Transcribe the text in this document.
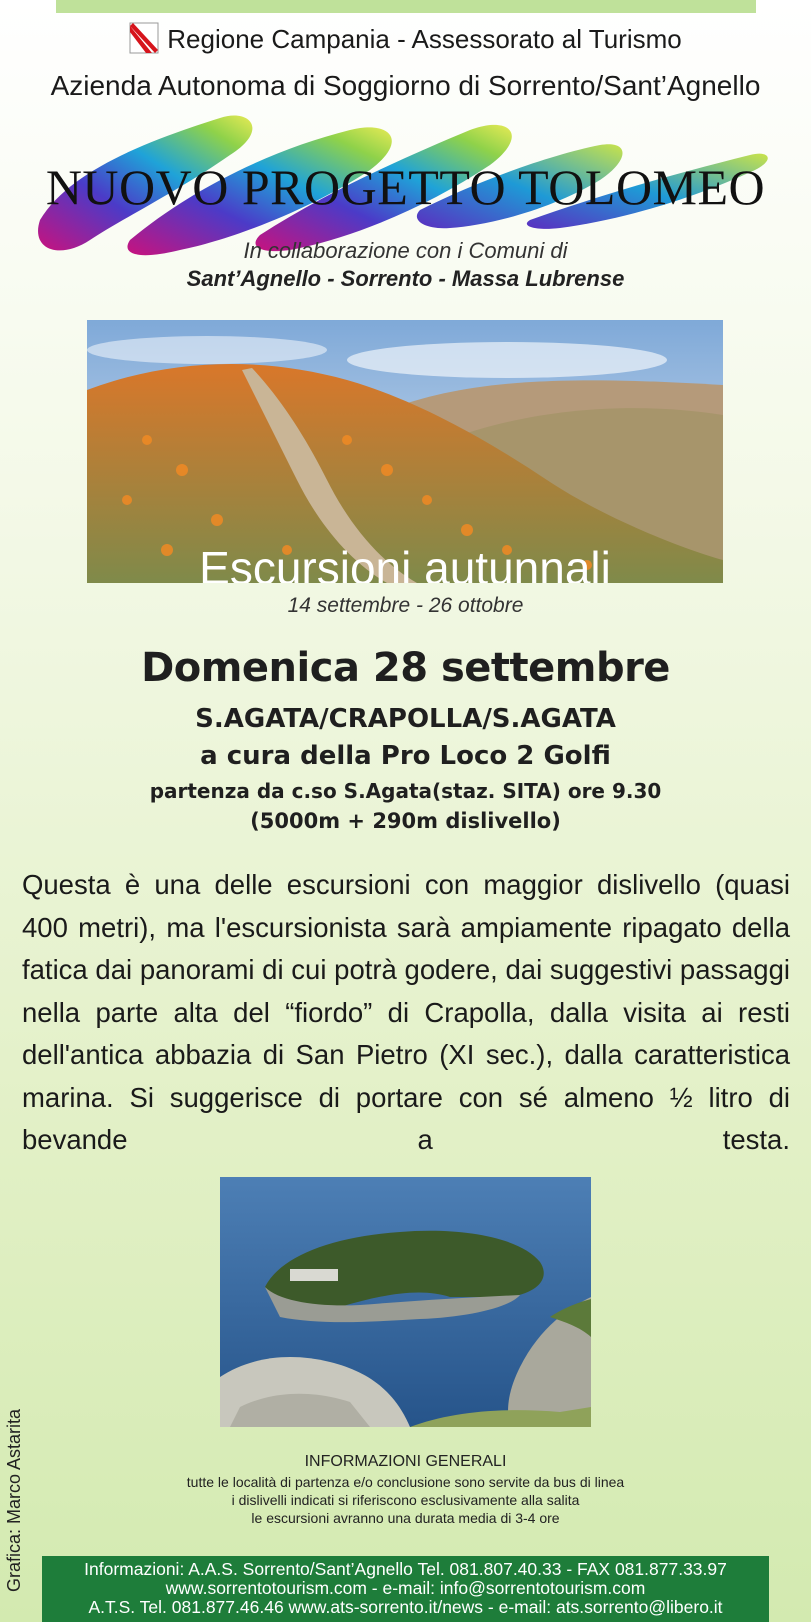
Regione Campania - Assessorato al Turismo
Azienda Autonoma di Soggiorno di Sorrento/Sant’Agnello
NUOVO PROGETTO TOLOMEO
In collaborazione con i Comuni di
Sant’Agnello - Sorrento - Massa Lubrense
Escursioni autunnali
14 settembre - 26 ottobre
Domenica 28 settembre
S.AGATA/CRAPOLLA/S.AGATA
a cura della Pro Loco 2 Golfi
partenza da c.so S.Agata(staz. SITA) ore 9.30
(5000m + 290m dislivello)
Questa è una delle escursioni con maggior dislivello (quasi 400 metri), ma l'escursionista sarà ampiamente ripagato della fatica dai panorami di cui potrà godere, dai suggestivi passaggi nella parte alta del “fiordo” di Crapolla, dalla visita ai resti dell'antica abbazia di San Pietro (XI sec.), dalla caratteristica marina. Si suggerisce di portare con sé almeno ½ litro di bevande a testa.
Grafica: Marco Astarita	INFORMAZIONI GENERALI
tutte le località di partenza e/o conclusione sono servite da bus di linea
i dislivelli indicati si riferiscono esclusivamente alla salita
le escursioni avranno una durata media di 3-4 ore
Informazioni: A.A.S. Sorrento/Sant’Agnello Tel. 081.807.40.33 - FAX 081.877.33.97
www.sorrentotourism.com - e-mail: info@sorrentotourism.com
A.T.S. Tel. 081.877.46.46 www.ats-sorrento.it/news - e-mail: ats.sorrento@libero.it
